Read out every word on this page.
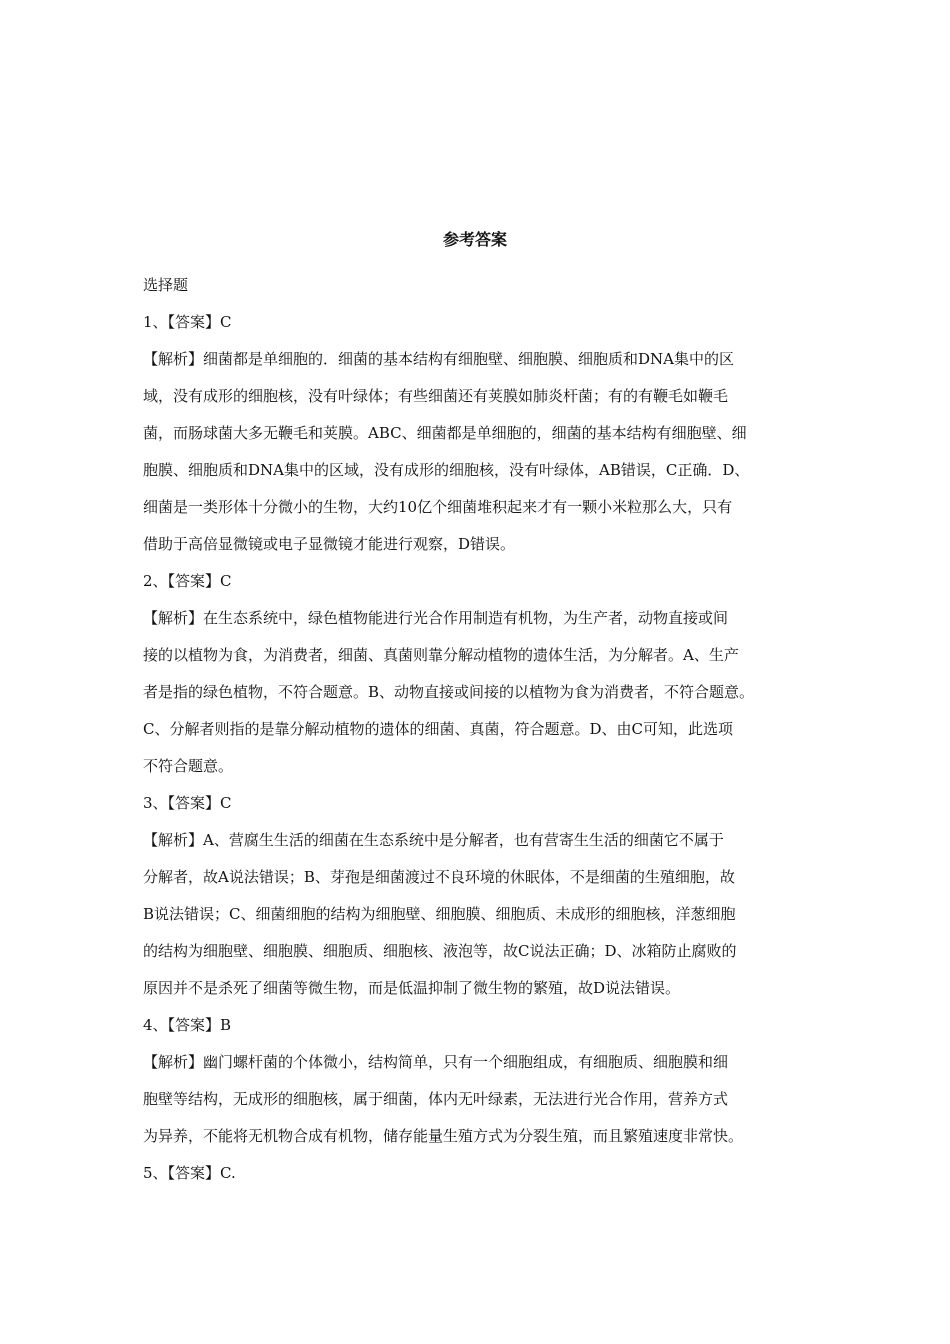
参考答案
选择题
1、【答案】C
【解析】细菌都是单细胞的．细菌的基本结构有细胞壁、细胞膜、细胞质和DNA集中的区
域，没有成形的细胞核，没有叶绿体；有些细菌还有荚膜如肺炎杆菌；有的有鞭毛如鞭毛
菌，而肠球菌大多无鞭毛和荚膜。ABC、细菌都是单细胞的，细菌的基本结构有细胞壁、细
胞膜、细胞质和DNA集中的区域，没有成形的细胞核，没有叶绿体，AB错误，C正确．D、
细菌是一类形体十分微小的生物，大约10亿个细菌堆积起来才有一颗小米粒那么大，只有
借助于高倍显微镜或电子显微镜才能进行观察，D错误。
2、【答案】C
【解析】在生态系统中，绿色植物能进行光合作用制造有机物，为生产者，动物直接或间
接的以植物为食，为消费者，细菌、真菌则靠分解动植物的遗体生活，为分解者。A、生产
者是指的绿色植物，不符合题意。B、动物直接或间接的以植物为食为消费者，不符合题意。
C、分解者则指的是靠分解动植物的遗体的细菌、真菌，符合题意。D、由C可知，此选项
不符合题意。
3、【答案】C
【解析】A、营腐生生活的细菌在生态系统中是分解者，也有营寄生生活的细菌它不属于
分解者，故A说法错误；B、芽孢是细菌渡过不良环境的休眠体，不是细菌的生殖细胞，故
B说法错误；C、细菌细胞的结构为细胞壁、细胞膜、细胞质、未成形的细胞核，洋葱细胞
的结构为细胞壁、细胞膜、细胞质、细胞核、液泡等，故C说法正确；D、冰箱防止腐败的
原因并不是杀死了细菌等微生物，而是低温抑制了微生物的繁殖，故D说法错误。
4、【答案】B
【解析】幽门螺杆菌的个体微小，结构简单，只有一个细胞组成，有细胞质、细胞膜和细
胞壁等结构，无成形的细胞核，属于细菌，体内无叶绿素，无法进行光合作用，营养方式
为异养，不能将无机物合成有机物，储存能量生殖方式为分裂生殖，而且繁殖速度非常快。
5、【答案】C.
